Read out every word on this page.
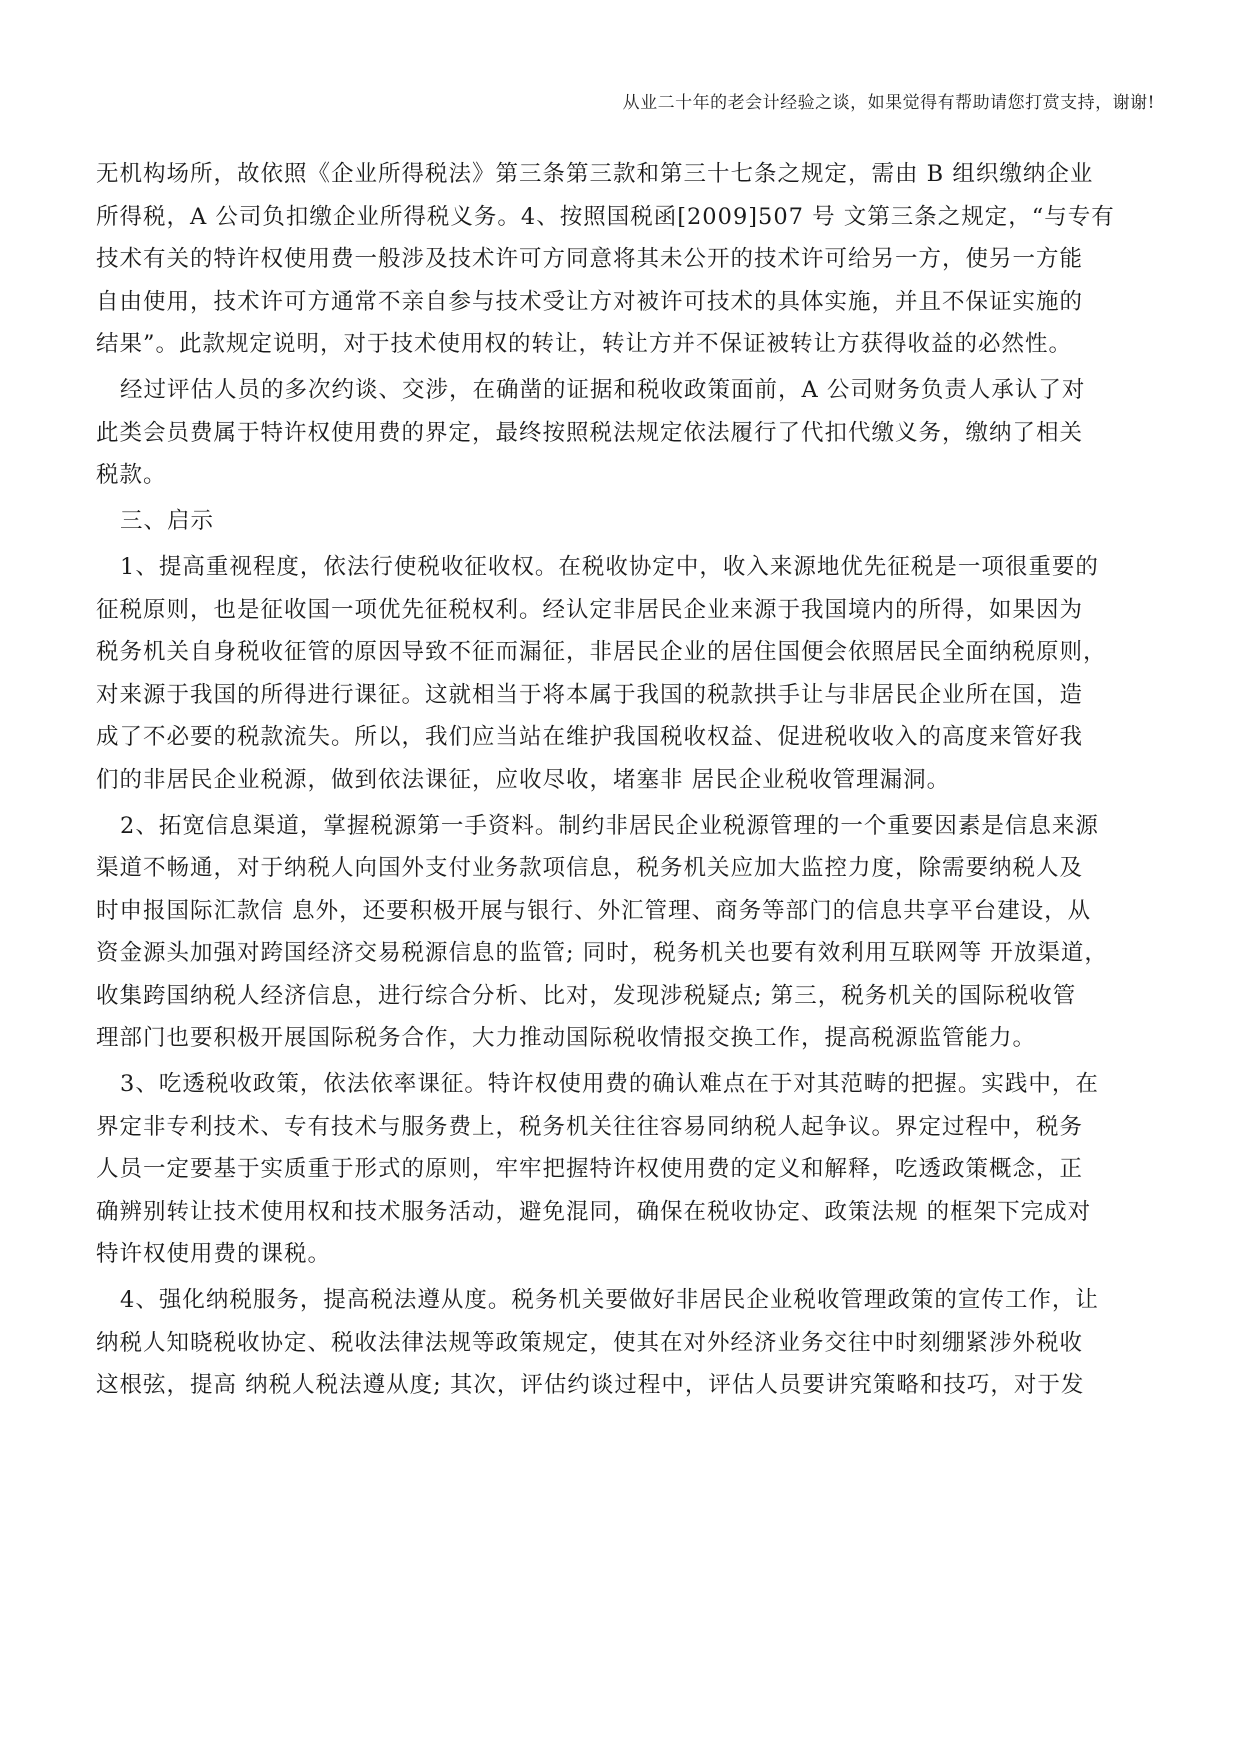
从业二十年的老会计经验之谈，如果觉得有帮助请您打赏支持，谢谢!
无机构场所，故依照《企业所得税法》第三条第三款和第三十七条之规定，需由 B 组织缴纳企业
所得税，A 公司负扣缴企业所得税义务。4、按照国税函[2009]507 号 文第三条之规定，“与专有
技术有关的特许权使用费一般涉及技术许可方同意将其未公开的技术许可给另一方，使另一方能
自由使用，技术许可方通常不亲自参与技术受让方对被许可技术的具体实施，并且不保证实施的
结果”。此款规定说明，对于技术使用权的转让，转让方并不保证被转让方获得收益的必然性。
经过评估人员的多次约谈、交涉，在确凿的证据和税收政策面前，A 公司财务负责人承认了对
此类会员费属于特许权使用费的界定，最终按照税法规定依法履行了代扣代缴义务，缴纳了相关
税款。
三、启示
1、提高重视程度，依法行使税收征收权。在税收协定中，收入来源地优先征税是一项很重要的
征税原则，也是征收国一项优先征税权利。经认定非居民企业来源于我国境内的所得，如果因为
税务机关自身税收征管的原因导致不征而漏征，非居民企业的居住国便会依照居民全面纳税原则，
对来源于我国的所得进行课征。这就相当于将本属于我国的税款拱手让与非居民企业所在国，造
成了不必要的税款流失。所以，我们应当站在维护我国税收权益、促进税收收入的高度来管好我
们的非居民企业税源，做到依法课征，应收尽收，堵塞非 居民企业税收管理漏洞。
2、拓宽信息渠道，掌握税源第一手资料。制约非居民企业税源管理的一个重要因素是信息来源
渠道不畅通，对于纳税人向国外支付业务款项信息，税务机关应加大监控力度，除需要纳税人及
时申报国际汇款信 息外，还要积极开展与银行、外汇管理、商务等部门的信息共享平台建设，从
资金源头加强对跨国经济交易税源信息的监管; 同时，税务机关也要有效利用互联网等 开放渠道，
收集跨国纳税人经济信息，进行综合分析、比对，发现涉税疑点; 第三，税务机关的国际税收管
理部门也要积极开展国际税务合作，大力推动国际税收情报交换工作，提高税源监管能力。
3、吃透税收政策，依法依率课征。特许权使用费的确认难点在于对其范畴的把握。实践中，在
界定非专利技术、专有技术与服务费上，税务机关往往容易同纳税人起争议。界定过程中，税务
人员一定要基于实质重于形式的原则，牢牢把握特许权使用费的定义和解释，吃透政策概念，正
确辨别转让技术使用权和技术服务活动，避免混同，确保在税收协定、政策法规 的框架下完成对
特许权使用费的课税。
4、强化纳税服务，提高税法遵从度。税务机关要做好非居民企业税收管理政策的宣传工作，让
纳税人知晓税收协定、税收法律法规等政策规定，使其在对外经济业务交往中时刻绷紧涉外税收
这根弦，提高 纳税人税法遵从度; 其次，评估约谈过程中，评估人员要讲究策略和技巧，对于发
